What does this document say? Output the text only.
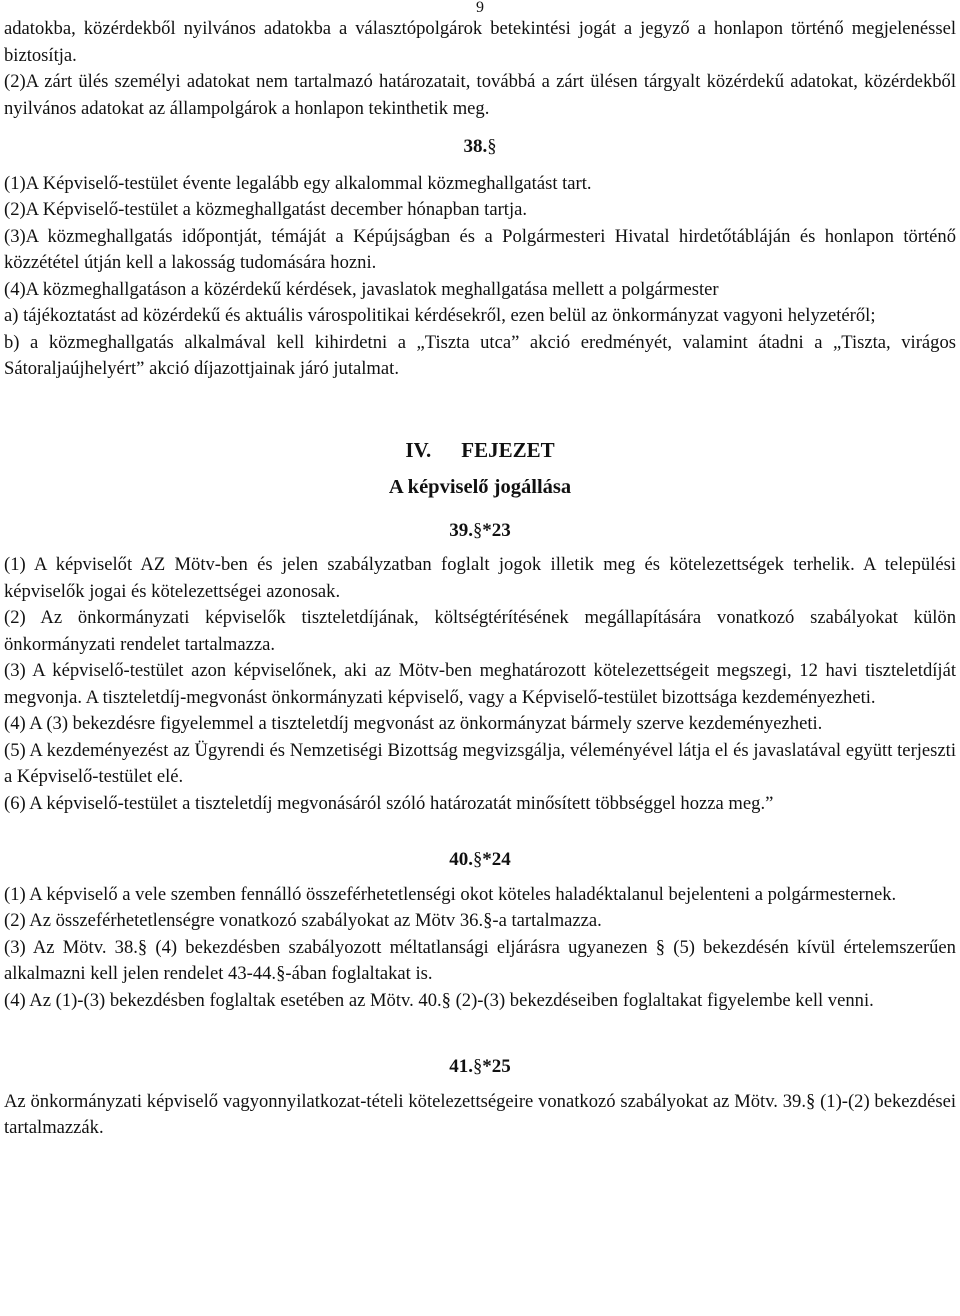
9

adatokba, közérdekből nyilvános adatokba a választópolgárok betekintési jogát a jegyző a honlapon történő megjelenéssel biztosítja.

(2)A zárt ülés személyi adatokat nem tartalmazó határozatait, továbbá a zárt ülésen tárgyalt közérdekű adatokat, közérdekből nyilvános adatokat az állampolgárok a honlapon tekinthetik meg.

38.§

(1)A Képviselő-testület évente legalább egy alkalommal közmeghallgatást tart.

(2)A Képviselő-testület a közmeghallgatást december hónapban tartja.

(3)A közmeghallgatás időpontját, témáját a Képújságban és a Polgármesteri Hivatal hirdetőtábláján és honlapon történő közzététel útján kell a lakosság tudomására hozni.

(4)A közmeghallgatáson a közérdekű kérdések, javaslatok meghallgatása mellett a polgármester

a) tájékoztatást ad közérdekű és aktuális várospolitikai kérdésekről, ezen belül az önkormányzat vagyoni helyzetéről;

b) a közmeghallgatás alkalmával kell kihirdetni a „Tiszta utca” akció eredményét, valamint átadni a „Tiszta, virágos Sátoraljaújhelyért” akció díjazottjainak járó jutalmat.

IV. FEJEZET
A képviselő jogállása
39.§*23

(1) A képviselőt AZ Mötv-ben és jelen szabályzatban foglalt jogok illetik meg és kötelezettségek terhelik. A települési képviselők jogai és kötelezettségei azonosak.

(2) Az önkormányzati képviselők tiszteletdíjának, költségtérítésének megállapítására vonatkozó szabályokat külön önkormányzati rendelet tartalmazza.

(3) A képviselő-testület azon képviselőnek, aki az Mötv-ben meghatározott kötelezettségeit megszegi, 12 havi tiszteletdíját megvonja. A tiszteletdíj-megvonást önkormányzati képviselő, vagy a Képviselő-testület bizottsága kezdeményezheti.

(4) A (3) bekezdésre figyelemmel a tiszteletdíj megvonást az önkormányzat bármely szerve kezdeményezheti.

(5) A kezdeményezést az Ügyrendi és Nemzetiségi Bizottság megvizsgálja, véleményével látja el és javaslatával együtt terjeszti a Képviselő-testület elé.

(6) A képviselő-testület a tiszteletdíj megvonásáról szóló határozatát minősített többséggel hozza meg.”

40.§*24

(1) A képviselő a vele szemben fennálló összeférhetetlenségi okot köteles haladéktalanul bejelenteni a polgármesternek.

(2) Az összeférhetetlenségre vonatkozó szabályokat az Mötv 36.§-a tartalmazza.

(3) Az Mötv. 38.§ (4) bekezdésben szabályozott méltatlansági eljárásra ugyanezen § (5) bekezdésén kívül értelemszerűen alkalmazni kell jelen rendelet 43-44.§-ában foglaltakat is.

(4) Az (1)-(3) bekezdésben foglaltak esetében az Mötv. 40.§ (2)-(3) bekezdéseiben foglaltakat figyelembe kell venni.

41.§*25

Az önkormányzati képviselő vagyonnyilatkozat-tételi kötelezettségeire vonatkozó szabályokat az Mötv. 39.§ (1)-(2) bekezdései tartalmazzák.
